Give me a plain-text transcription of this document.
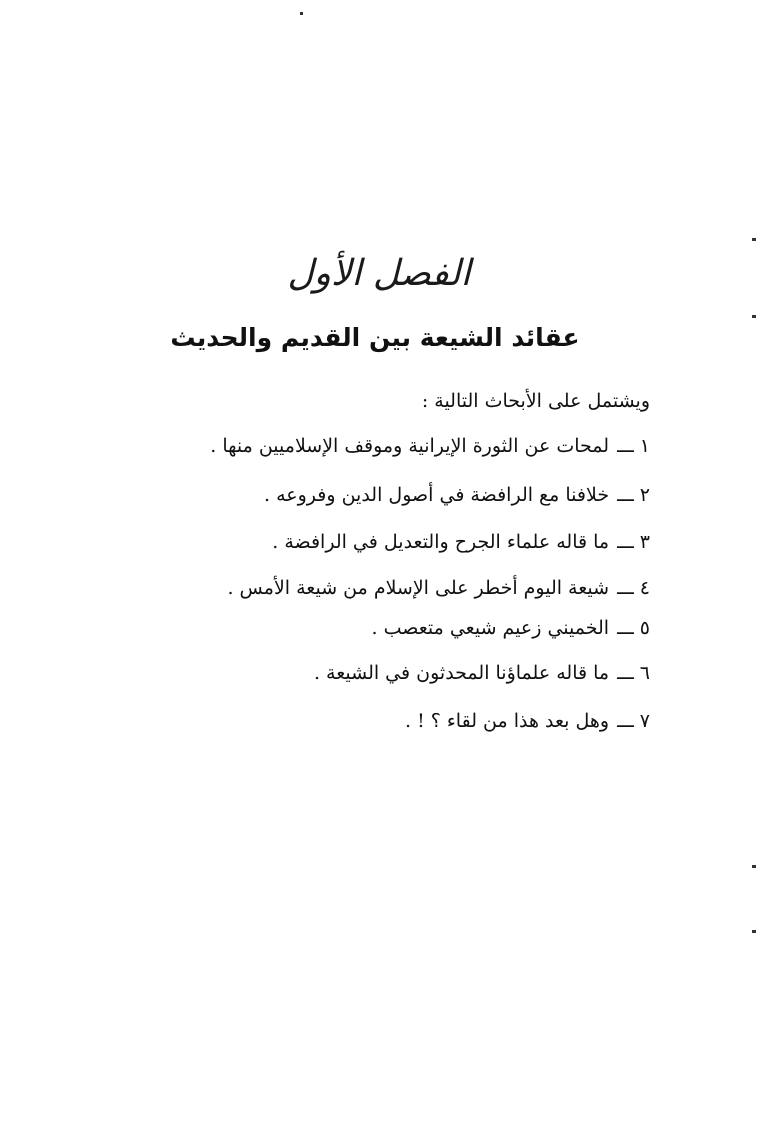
الفصل الأول
عقائد الشيعة بين القديم والحديث
ويشتمل على الأبحاث التالية :
١ـــلمحات عن الثورة الإيرانية وموقف الإسلاميين منها .
٢ـــخلافنا مع الرافضة في أصول الدين وفروعه .
٣ـــما قاله علماء الجرح والتعديل في الرافضة .
٤ـــشيعة اليوم أخطر على الإسلام من شيعة الأمس .
٥ـــالخميني زعيم شيعي متعصب .
٦ـــما قاله علماؤنا المحدثون في الشيعة .
٧ـــوهل بعد هذا من لقاء ؟ ! .
